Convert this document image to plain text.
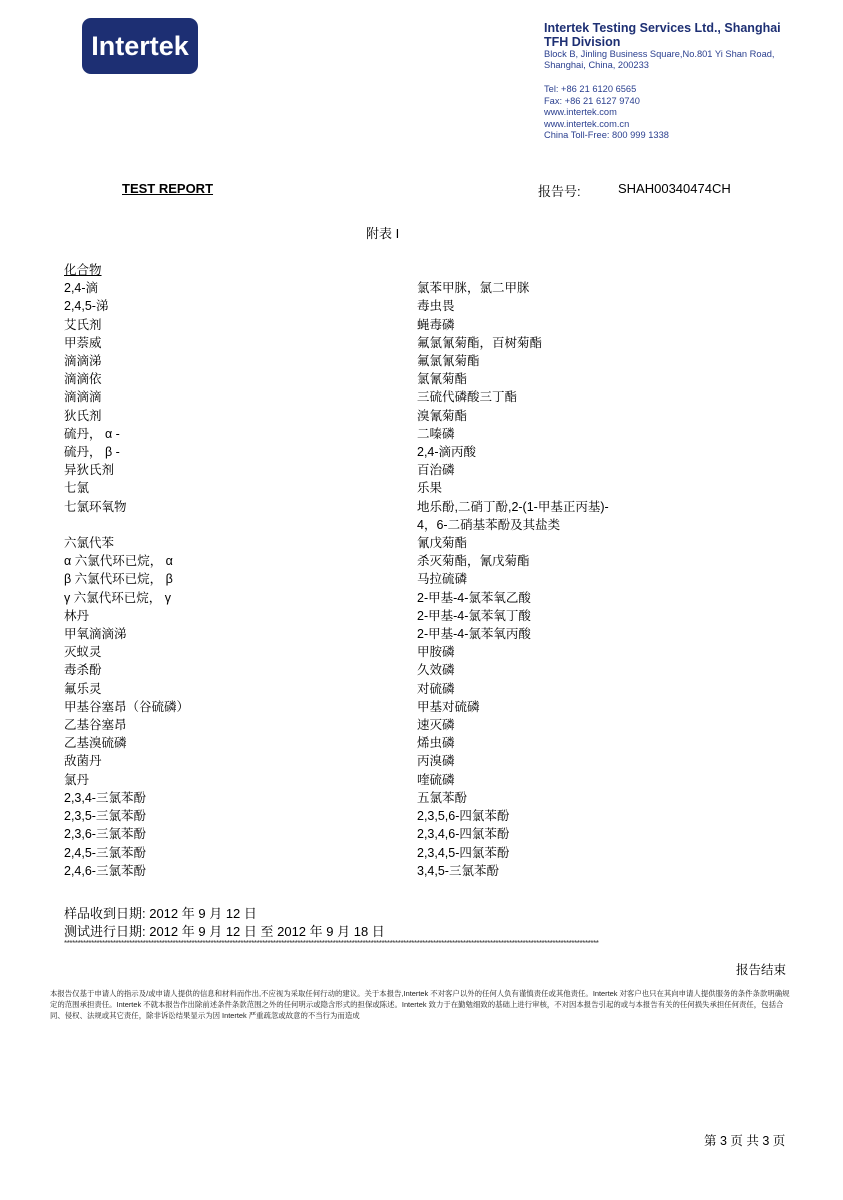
Intertek
Intertek Testing Services Ltd., Shanghai
TFH Division
Block B, Jinling Business Square,No.801 Yi Shan Road,
Shanghai, China, 200233
Tel: +86 21 6120 6565
Fax: +86 21 6127 9740
www.intertek.com
www.intertek.com.cn
China Toll-Free: 800 999 1338
TEST REPORT	报告号:	SHAH00340474CH
附表 I
化合物
2,4-滴
2,4,5-涕
艾氏剂
甲萘威
滴滴涕
滴滴依
滴滴滴
狄氏剂
硫丹， α -
硫丹， β -
异狄氏剂
七氯
七氯环氧物

六氯代苯
α 六氯代环已烷， α
β 六氯代环已烷， β
γ 六氯代环已烷， γ
林丹
甲氧滴滴涕
灭蚁灵
毒杀酚
氟乐灵
甲基谷塞昂（谷硫磷）
乙基谷塞昂
乙基溴硫磷
敌菌丹
氯丹
2,3,4-三氯苯酚
2,3,5-三氯苯酚
2,3,6-三氯苯酚
2,4,5-三氯苯酚
2,4,6-三氯苯酚

氯苯甲脒，氯二甲脒
毒虫畏
蝇毒磷
氟氯氰菊酯，百树菊酯
氟氯氰菊酯
氯氰菊酯
三硫代磷酸三丁酯
溴氰菊酯
二嗪磷
2,4-滴丙酸
百治磷
乐果
地乐酚,二硝丁酚,2-(1-甲基正丙基)-
4，6-二硝基苯酚及其盐类
氰戊菊酯
杀灭菊酯，氰戊菊酯
马拉硫磷
2-甲基-4-氯苯氧乙酸
2-甲基-4-氯苯氧丁酸
2-甲基-4-氯苯氧丙酸
甲胺磷
久效磷
对硫磷
甲基对硫磷
速灭磷
烯虫磷
丙溴磷
喹硫磷
五氯苯酚
2,3,5,6-四氯苯酚
2,3,4,6-四氯苯酚
2,3,4,5-四氯苯酚
3,4,5-三氯苯酚
样品收到日期: 2012 年 9 月 12 日
测试进行日期: 2012 年 9 月 12 日 至 2012 年 9 月 18 日
*****************************************************************************************************************************************************************************************************
报告结束
本报告仅基于申请人的指示及/或申请人提供的信息和材料而作出,不应视为采取任何行动的建议。关于本报告,Intertek 不对客户以外的任何人负有谨慎责任或其他责任。Intertek 对客户也只在其向申请人提供服务的条件条款明确规定的范围承担责任。Intertek 不就本报告作出除前述条件条款范围之外的任何明示或隐含形式的担保或陈述。Intertek 致力于在勤勉细致的基础上进行审核，不对因本报告引起的或与本报告有关的任何损失承担任何责任，包括合同、侵权、法规或其它责任，除非诉讼结果显示为因 Intertek 严重疏忽或故意的不当行为而造成
第 3 页 共 3 页
